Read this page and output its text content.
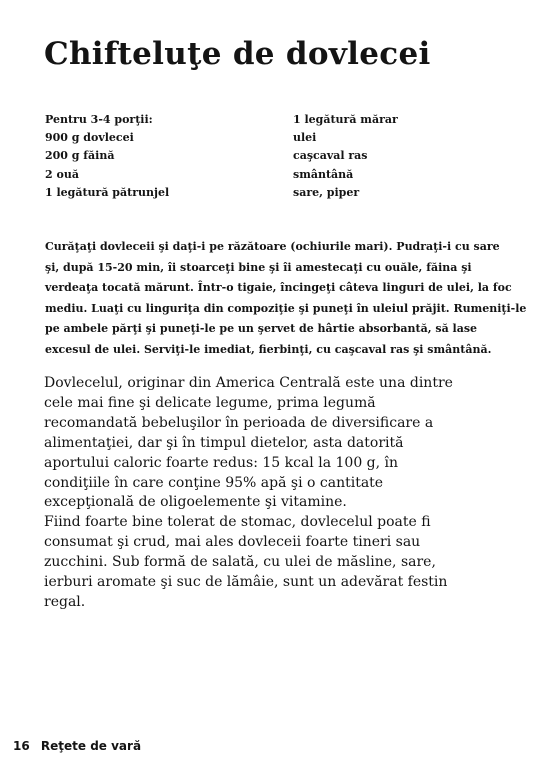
Chifteluţe de dovlecei
Pentru 3-4 porţii:
900 g dovlecei
200 g făină
2 ouă
1 legătură pătrunjel
1 legătură mărar
ulei
caşcaval ras
smântână
sare, piper
Curăţaţi dovleceii şi daţi-i pe răzătoare (ochiurile mari). Pudraţi-i cu sare
şi, după 15-20 min, îi stoarceţi bine şi îi amestecaţi cu ouăle, făina şi
verdeaţa tocată mărunt. Într-o tigaie, încingeţi câteva linguri de ulei, la foc
mediu. Luaţi cu linguriţa din compoziţie şi puneţi în uleiul prăjit. Rumeniţi-le
pe ambele părţi şi puneţi-le pe un şervet de hârtie absorbantă, să lase
excesul de ulei. Serviţi-le imediat, fierbinţi, cu caşcaval ras şi smântână.
Dovlecelul, originar din America Centrală este una dintre
cele mai fine şi delicate legume, prima legumă
recomandată bebeluşilor în perioada de diversificare a
alimentaţiei, dar şi în timpul dietelor, asta datorită
aportului caloric foarte redus: 15 kcal la 100 g, în
condiţiile în care conţine 95% apă şi o cantitate
excepţională de oligoelemente şi vitamine.
Fiind foarte bine tolerat de stomac, dovlecelul poate fi
consumat şi crud, mai ales dovleceii foarte tineri sau
zucchini. Sub formă de salată, cu ulei de măsline, sare,
ierburi aromate şi suc de lămâie, sunt un adevărat festin
regal.
16 Reţete de vară
